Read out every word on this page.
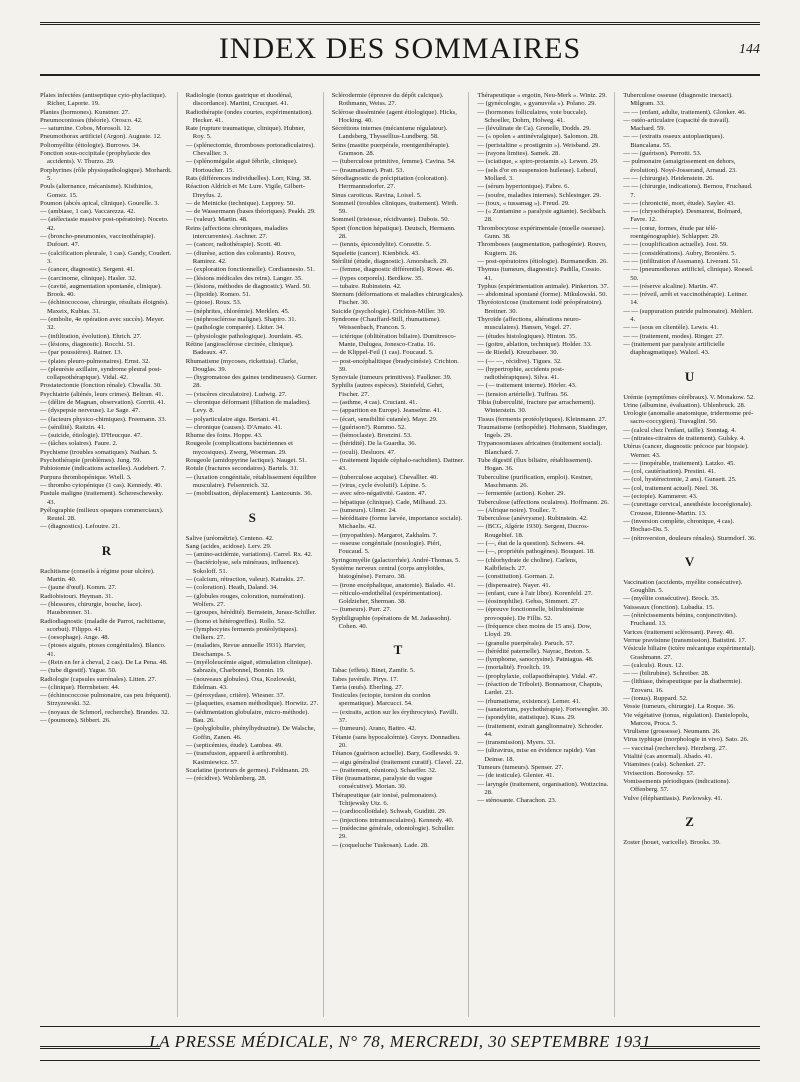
INDEX DES SOMMAIRES	144

Plaies infectées (antiseptique cyto-phylactique). Richer, Laporte. 19.

Plantes (hormones). Kunstner. 27.

Pneumoconioses (théorie). Orosco. 42.

— saturnine. Cobos, Morosoli. 12.

Pneumothorax artificiel (Argon). Auguste. 12.

Poliomyélite (étiologie). Burrows. 34.

Fonction sous-occipitale (prophylaxie des accidents). V. Thurzo. 29.

Porphyrines (rôle physiopathologique). Morhardt. 5.

Pouls (alternance, mécanisme). Kisthinios, Gomez. 15.

Poumon (abcès apical, clinique). Gourelle. 3.

— (ambiase, 1 cas). Vaccarezza. 42.

— (atélectasie massive post-opératoire). Noceto. 42.

— (broncho-pneumonies, vaccinothérapie). Dufourt. 47.

— (calcification pleurale, 1 cas). Gandy, Coudert. 3.

— (cancer, diagnostic). Sergent. 41.

— (carcinome, clinique). Hasler. 32.

— (cavité, augmentation spontanée, clinique). Brook. 40.

— (échinococcose, chirurgie, résultats éloignés). Maxeix, Kubias. 31.

— (embolie, 4e opération avec succès). Meyer. 32.

— (infiltration, évolution). Ehrich. 27.

— (lésions, diagnostic). Rocchi. 51.

— (par poussières). Rainer. 13.

— (plaies pleuro-pulmonaires). Ernst. 32.

— (pleurésie axillaire, syndrome pleural post-collapsothérapique). Vidal. 42.

Prostatectomie (fonction rénale). Chwalla. 30.

Psychiatrie (aliénés, leurs crimes). Beltran. 41.

— (délire de Magnan, observation). Gorriti. 41.

— (dyspepsie nerveuse). Le Sage. 47.

— (facteurs physico-chimiques). Freemann. 33.

— (sénilité). Raitzin. 41.

— (suicide, étiologie). D'Heucque. 47.

— (tâches solaires). Faure. 2.

Psychisme (troubles somatiques). Nathan. 5.

Psychothérapie (problèmes). Jung. 59.

Pubiotomie (indications actuelles). Audebert. 7.

Purpura thrombopénique. Wiell. 3.

— thrombo cytopénique (1 cas). Kennedy. 40.

Pustule maligne (traitement). Schereschewsky. 43.

Pyélographie (milieux opaques commerciaux). Reutel. 28.

— (diagnostics). Lefoutre. 21.

R

Rachitisme (conseils à régime pour ulcère). Martin. 40.

— (jaune d'œuf). Komm. 27.

Radiobistouri. Heyman. 31.

— (blessures, chirurgie, bouche, face). Hausbrenner. 31.

Radiodiagnostic (maladie de Parrot, rachitisme, scorbut). Filippo. 41.

— (oesophage). Ange. 48.

— (ptoses aiguës, ptoses congénitales). Blanco. 41.

— (Rein en fer à cheval, 2 cas). De La Pena. 48.

— (tube digestif). Yague. 50.

Radiologie (capsules surrénales). Litten. 27.

— (clinique). Herrnheiser. 44.

— (échinococcose pulmonaire, cas peu fréquent). Strzyzewski. 32.

— (noyaux de Schmorl, recherche). Brandes. 32.

— (poumons). Sibbert. 26.

Radiologie (tonus gastrique et duodénal, discordance). Martini, Crucquet. 41.

Radiothérapie (ondes courtes, expérimentation). Hecker. 41.

Rate (rupture traumatique, clinique). Hubner, Roy. 5.

— (splénectomie, thromboses portoradiculaires). Chevallier. 3.

— (splénomégalie aiguë fébrile, clinique). Hortoucher. 15.

Rats (différences individuelles). Lorr, King. 38.

Réaction Aldrich et Mc Lure. Vigile, Gilbert-Dreyfus. 2.

— de Meinicke (technique). Lepprey. 50.

— de Wassermann (bases théoriques). Peakh. 29.

— (valeur). Martin. 48.

Reins (affections chroniques, maladies intercurrentes). Aschner. 27.

— (cancer, radiothérapie). Scott. 40.

— (diurèse, action des colorants). Rouvo, Ramirez. 42.

— (exploration fonctionnelle). Cordiannesio. 51.

— (lésions médicales des reins). Langer. 35.

— (lésions, méthodes de diagnostic). Ward. 50.

— (lipoïde). Romeo. 51.

— (ptose). Roux. 53.

— (néphrites, chlorémie). Merklen. 45.

— (néphrosclérose maligne). Shapiro. 31.

— (pathologie comparée). Lkiter. 34.

— (physiologie pathologique). Jourdain. 45.

Rétine (angiosclérose circinée, clinique). Badeaux. 47.

Rhumatisme (mycoses, rickettsia). Clarke, Douglas. 39.

— (hygromatose des gaines tendineuses). Gurner. 28.

— (viscères circulatoire). Ludwig. 27.

— chronique déformant (filiation de maladies). Levy. 8.

— polyarticulaire aigu. Bertani. 41.

— chronique (causes). D'Amato. 41.

Rhume des foins. Hoppe. 43.

Rougeole (complications bactériennes et mycosiques). Zwerg, Woerman. 29.

Rougeole (amidopyrine lactique). Nauget. 51.

Rotule (fractures secondaires). Bartels. 31.

— (luxation congénitale, rétablissement équilibre musculaire). Felsenreich. 32.

— (mobilisation, déplacement). Lantzounis. 36.

S

Salive (uréométrie). Centeno. 42.

Sang (acides, acidose). Lerv. 29.

— (amino-acidémie, variations). Carrel. Rx. 42.

— (bactériolyse, sels minéraux, influence). Sokoloff. 51.

— (calcium, rétraction, valeur). Katrakis. 27.

— (coloration). Heath, Daland. 34.

— (globules rouges, coloration, numération). Wolfers. 27.

— (groupes, hérédité). Bernstein, Jurasz-Schiller.

— (homo et hétérogreffes). Rollo. 52.

— (lymphocytes ferments protéolytiques). Oelkers. 27.

— (maladies, Revue annuelle 1931). Harvier, Deschamps. 5.

— (myéloleucémie aiguë, stimulation clinique). Sabrazès, Charbonnel, Bonnin. 19.

— (nouveaux globules). Oxa, Kozlowski, Edelman. 43.

— (péroxydase, critère). Wiesner. 37.

— (plaquettes, examen méthodique). Horwitz. 27.

— (sédimentation globulaire, micro-méthode). Bau. 26.

— (polyglobulie, phénylhydrazine). De Walsche, Goffin, Zanen. 46.

— (septicémies, étude). Lambea. 49.

— (transfusion, appareil à arthrombit). Kasimiewicz. 57.

Scarlatine (porteurs de germes). Feldmann. 29.

— (récidive). Wohlenberg. 28.

Sclérodermie (épreuve du dépôt calcique). Rothmann, Weiss. 27.

Sclérose disséminée (agent étiologique). Hicks, Hocking. 40.

Sécrétions internes (mécanisme régulateur). Landsberg, Thyssellius-Lundberg. 58.

Seins (mastite puerpérale, roentgenthérapie). Gramson. 28.

— (tuberculose primitive, femme). Cavina. 54.

— (traumatisme). Prati. 53.

Sérodiagnostic de précipitation (coloration). Herrmannsdorfer. 27.

Sinus caroticus. Ravina, Loisel. 5.

Sommeil (troubles cliniques, traitement). Wirth. 59.

Sommeil (tristesse, récidivante). Dubois. 50.

Sport (fonction hépatique). Deutsch, Hermann. 28.

— (tennis, épicondylite). Conzette. 5.

Squelette (cancer). Kienböck. 43.

Stérilité (étude, diagnostic). Amorsbach. 29.

— (femme, diagnostic différentiel). Rowe. 46.

— (types corporels). Berdkow. 35.

— tubaire. Rubinstein. 42.

Sternum (déformations et maladies chirurgicales). Fischer. 30.

Suicide (psychologie). Crichton-Miller. 39.

Syndrome (Chauffard-Still, rhumatisme). Weissenbach, Francon. 5.

— ictérique (oblitération biliaire). Dumitresco-Mante, Dulugea, Jonesco-Cratia. 16.

— de Klippel-Feil (1 cas). Foucaud. 5.

— post-encéphalitique (bradycinésie). Crichton. 39.

Synoviale (tumeurs primitives). Faulkner. 39.

Syphilis (autres espèces). Steinfeld, Gehrt, Fischer. 27.

— (asthme, 4 cas). Cruciani. 41.

— (apparition en Europe). Jeanselme. 41.

— (écart, sensibilité cutanée). Mayr. 29.

— (guérison?). Rummo. 52.

— (hémoclasie). Bronzini. 53.

— (héridité). De la Guardia. 36.

— (oculi). Desluors. 47.

— (traitement liquide céphalo-rachidien). Dattner. 43.

— (tuberculose acquise). Chevallier. 40.

— (virus, cycle évolutif). Lépine. 5.

— avec séro-négativité. Gaston. 47.

— hépatique (clinique). Cade, Milhaud. 23.

— (tumeurs). Ulmer. 24.

— héréditaire (forme larvée, importance sociale). Michaelis. 42.

— (myopathies). Margarot, Zakhalm. 7.

— osseuse congénitale (nosologie). Piéri, Foucaud. 5.

Syringomyélie (galactorrhée). André-Thomas. 5.

Système nerveux central (corps amyloïdes, histogénèse). Ferraro. 38.

— (trone encéphalique, anatomie). Balado. 41.

— réticulo-endothélial (expérimentation). Goldzieher, Sherman. 38.

— (tumeurs). Purr. 27.

Syphiligraphie (opérations de M. Jadassohn). Cohen. 40.

T

Tabac (effets). Binet, Zamfir. 5.

Tabes juvénile. Pirys. 17.

Tæria (œufs). Eberling. 27.

Testicules (ectopie, torsion du cordon spermatique). Marcucci. 54.

— (extraits, action sur les érythrocytes). Favilli. 37.

— (tumeurs). Arano, Battro. 42.

Tétanie (sans hypocalcémie). Greyx. Donnadieu. 20.

Tétanos (guérison actuelle). Bary, Godlewski. 9.

— aigu généralisé (traitement curatif). Clavel. 22.

— (traitement, réunions). Schaeffer. 32.

Tête (traumatisme, paralysie du vague consécutive). Morian. 30.

Thérapeutique (air ionisé, pulmonaires). Tchijewsky Utz. 6.

— (cardiocolloïdale). Schwab, Guiditti. 29.

— (injections intramusculaires). Kennedy. 40.

— (médecine générale, odontologie). Schuller. 29.

— (coqueluche Tuskosan). Lade. 28.

Thérapeutique « ergotin, Neu-Merk ». Wintz. 29.

— (gynécologie, « gyanuvola »). Polano. 29.

— (hormones folliculaires, voie buccale). Schoeller, Dohrn, Holweg. 41.

— (lévulinate de Ca). Grenelle, Dodds. 29.

— (« opolen » antinévralgique). Salomon. 28.

— (peristaltine « prostigmin »). Weisband. 29.

— (rayons limites). Samek. 28.

— (sciatique, « spiro-protamin »). Lewen. 29.

— (sels d'or en suspension huileuse). Lebeuf, Mollard. 3.

— (sérum hypertonique). Fabre. 6.

— (soufre, maladies internes). Schlesinger. 29.

— (toux, « tussamag »). Freud. 29.

— (« Zuntamine » paralysie agitante). Seckbach. 28.

Thrombocytose expérimentale (moelle osseuse). Gunn. 38.

Thromboses (augmentation, pathogénie). Rouvo, Kugtern. 26.

— post-opératoires (étiologie). Burmanedkin. 26.

Thymus (tumeurs, diagnostic). Padilla, Cossio. 41.

Typhus (expérimentation animale). Pinkerton. 37.

— abdominal spontané (forme). Mikulowski. 50.

Thyréotoxicose (traitement iodé préopératoire). Breitner. 30.

Thyroïde (affections, altérations neuro-musculaires). Hansen, Vogel. 27.

— (études histologiques). Hinton. 35.

— (goitre, ablation, technique). Holder. 33.

— de Riedel). Kreuzbauer. 30.

— (— —, récidive). Tigues. 32.

— (hypertrophie, accidents post-radiothérapiques). Silva. 41.

— (— traitement interne). Hörler. 43.

— (tension artérielle). Tuffrau. 56.

Tibia (tuberculité, fracture par arrachement). Winterstein. 30.

Tissus (ferments protéolytiques). Kleinmann. 27.

Traumatisme (orthopédie). Hohmann, Staidinger, Ingels. 29.

Trypanosomiases africaines (traitement social). Blanchard. 7.

Tube digestif (flux biliaire, rétablissement). Hogan. 36.

Tuberculine (purification, emploi). Kestner, Maschmann. 26.

— fermentée (action). Koher. 29.

Tuberculose (affections oculaires). Hoffmann. 26.

— (Afrique noire). Toullec. 7.

Tuberculose (anévrysme). Rubinstein. 42.

— (BCG, Algérie 1930). Sergent, Ducros-Rougebief. 18.

— (—, état de la question). Schwers. 44.

— (—, propriétés pathogènes). Bouquet. 18.

— (chlorhydrate de choline). Carlens, Kalbfleisch. 27.

— (constitution). Gorman. 2.

— (dispensaire). Nayer. 41.

— (enfant, cure à l'air libre). Korenfeld. 27.

— (éosinophilie). Gehss, Simmert. 27.

— (épreuve fonctionnelle, bilirubinémie provoquée). De Fillis. 52.

— (fréquence chez moins de 15 ans). Dow, Lloyd. 29.

— (granulie puerpérale). Paruch. 57.

— (hérédité paternelle). Nayrac, Breton. 5.

— (lymphome, sanocrysine). Patniagua. 48.

— (mortalité). Froelich. 19.

— (prophylaxie, collapsothérapie). Vidal. 47.

— (réaction de Tribolet). Bonnamour, Chapuis, Lardet. 23.

— (rhumatisme, existence). Lemer. 41.

— (sanatorium, psychothérapie). Fortwengler. 30.

— (spondylite, statistique). Kuss. 29.

— (traitement, extrait ganglionnaire). Schroder. 44.

— (transmission). Myers. 33.

— (ultravirus, mise en évidence rapide). Van Deinse. 18.

Tumeurs (tumeurs). Spenser. 27.

— (de testicule). Glenier. 41.

— laryngée (traitement, organisation). Wottzcina. 28.

— sténosante. Charachon. 23.

Tuberculose osseuse (diagnostic inexact). Milgram. 33.

— — (enfant, adulte, traitement). Glonker. 46.

— ostéo-articulaire (capacité de travail). Machard. 59.

— — (extraits osseux autoplastiques). Biancalana. 55.

— — (guérison). Perrotti. 53.

— pulmonaire (amaigrissement en dehors, évolution). Noyé-Josserand, Arnaud. 23.

— — (chirurgie). Heidenstein. 26.

— — (chirurgie, indications). Bernou, Fruchaud. 7.

— — (chronicité, mort, étude). Sayler. 43.

— — (chrysothérapie). Desmarest, Bolmard, Favre. 12.

— — (cœur, formes, étude par télé-roentgénographie). Schlapper. 29.

— — (couplification actuelle). Jost. 59.

— — (considérations). Aubry, Bronière. 5.

— — (infiltration d'Assmann). Liverani. 51.

— — (pneumothorax artificiel, clinique). Roesel. 50.

— — (réserve alcaline). Martin. 47.

— — (réveil, arrêt et vaccinothérapie). Leitner. 14.

— — (suppuration putride pulmonaire). Mehlert. 4.

— — (sous en clientèle). Lewis. 41.

— — (traitement, modes). Ringer. 27.

— (traitement par paralysie artificielle diaphragmatique). Walzel. 43.

U

Urémie (symptômes cérébraux). V. Monakow. 52.

Urine (albumine, évaluation). Uhlenbruck. 28.

Urologie (anomalie anatomique, tridermome pré-sacro-coccygien). Travaglini. 50.

— (calcul chez l'enfant, taille). Sonntag. 4.

— (nitrates-citraires de traitement). Gulsky. 4.

Utérus (cancer, diagnostic précoce par biopsie). Werner. 43.

— — (inopérable, traitement). Latzko. 45.

— (col, cautérisation). Prestini. 41.

— (col, hystérectomie, 2 ans). Gunsett. 25.

— (col, traitement actuel). Neel. 36.

— (ectopie). Kammerer. 43.

— (curettage cervical, anesthésie locorégionale). Crousse, Etienne-Martin. 13.

— (inversion complète, chronique, 4 cas). Hochao-Du. 5.

— (rétroversion, douleurs rénales). Sturmdorf. 36.

V

Vaccination (accidents, myélite consécutive). Goughlin. 5.

— (myélite consécutive). Brock. 35.

Vaisseaux (fonction). Lubadia. 15.

— (rétrécissements bénins, conjonctivites). Fruchaud. 13.

Varices (traitement sclérosant). Pavey. 40.

Verrue pravisinne (transmission). Batistini. 17.

Vésicule biliaire (ictère mécanique expérimental). Grashmann. 27.

— (calculs). Roux. 12.

— — (bilirubine). Schreiber. 28.

— (lithiase, thérapeutique par la diathermie). Tzovaru. 16.

— (tonus). Ruppard. 52.

Vessie (tumeurs, chirurgie). La Roque. 36.

Vie végétative (tonus, régulation). Danielopolu, Marcou, Proca. 5.

Virulisme (grossesse). Neumann. 26.

Virus typhique (morphologie in vivo). Sato. 26.

— vaccinal (recherches). Herzberg. 27.

Vitalité (cas anormal). Abado. 41.

Vitamines (cals). Schenket. 27.

Vivisection. Borowsky. 57.

Vomissements périodiques (indications). Offenberg. 57.

Vulve (éléphantiasis). Pavlowsky. 41.

Z

Zoster (houet, varicelle). Brooks. 39.

LA PRESSE MÉDICALE, N° 78, MERCREDI, 30 SEPTEMBRE 1931
